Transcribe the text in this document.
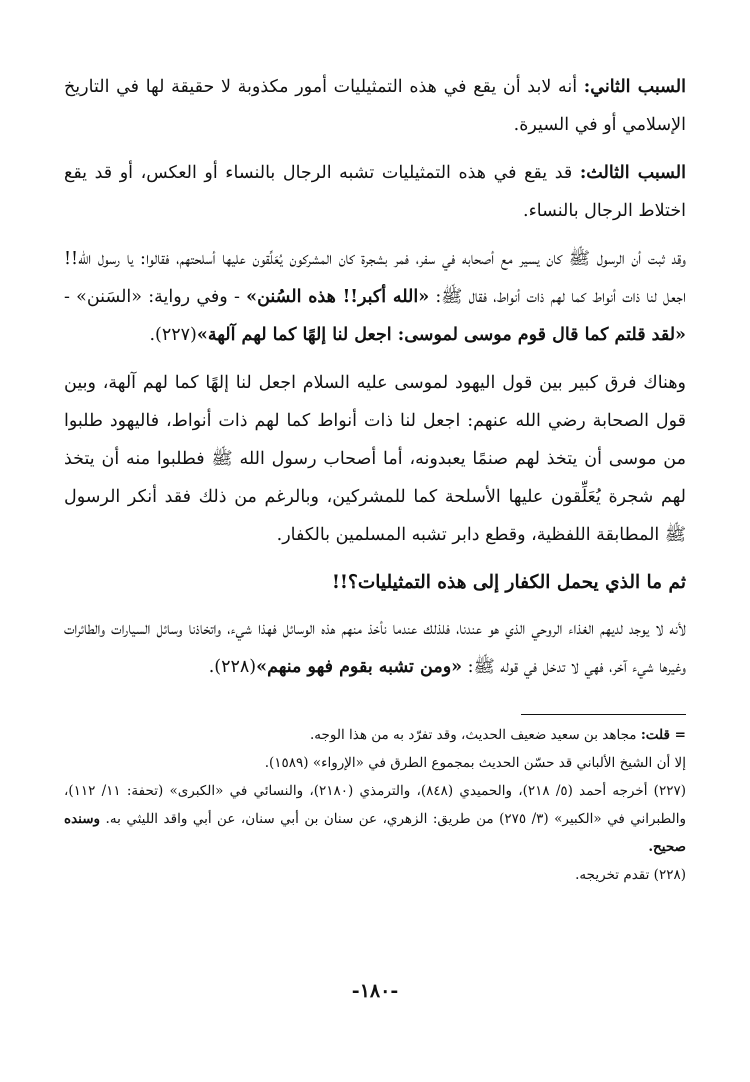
السبب الثاني: أنه لابد أن يقع في هذه التمثيليات أمور مكذوبة لا حقيقة لها في التاريخ الإسلامي أو في السيرة.

السبب الثالث: قد يقع في هذه التمثيليات تشبه الرجال بالنساء أو العكس، أو قد يقع اختلاط الرجال بالنساء.

وقد ثبت أن الرسول ﷺ كان يسير مع أصحابه في سفر، فمر بشجرة كان المشركون يُعَلِّقون عليها أسلحتهم، فقالوا: يا رسول الله!! اجعل لنا ذات أنواط كما لهم ذات أنواط، فقال ﷺ: «الله أكبر!! هذه السُنن» - وفي رواية: «السَنن» - «لقد قلتم كما قال قوم موسى لموسى: اجعل لنا إلهًا كما لهم آلهة»(٢٢٧).

وهناك فرق كبير بين قول اليهود لموسى عليه السلام اجعل لنا إلهًا كما لهم آلهة، وبين قول الصحابة رضي الله عنهم: اجعل لنا ذات أنواط كما لهم ذات أنواط، فاليهود طلبوا من موسى أن يتخذ لهم صنمًا يعبدونه، أما أصحاب رسول الله ﷺ فطلبوا منه أن يتخذ لهم شجرة يُعَلِّقون عليها الأسلحة كما للمشركين، وبالرغم من ذلك فقد أنكر الرسول ﷺ المطابقة اللفظية، وقطع دابر تشبه المسلمين بالكفار.

ثم ما الذي يحمل الكفار إلى هذه التمثيليات؟!!

لأنه لا يوجد لديهم الغذاء الروحي الذي هو عندنا، فلذلك عندما نأخذ منهم هذه الوسائل فهذا شيء، واتخاذنا وسائل السيارات والطائرات وغيرها شيء آخر، فهي لا تدخل في قوله ﷺ: «ومن تشبه بقوم فهو منهم»(٢٢٨).

= قلت: مجاهد بن سعيد ضعيف الحديث، وقد تفرّد به من هذا الوجه.

إلا أن الشيخ الألباني قد حسّن الحديث بمجموع الطرق في «الإرواء» (١٥٨٩).

(٢٢٧) أخرجه أحمد (٥/ ٢١٨)، والحميدي (٨٤٨)، والترمذي (٢١٨٠)، والنسائي في «الكبرى» (تحفة: ١١/ ١١٢)، والطبراني في «الكبير» (٣/ ٢٧٥) من طريق: الزهري، عن سنان بن أبي سنان، عن أبي واقد الليثي به. وسنده صحيح.

(٢٢٨) تقدم تخريجه.

-١٨٠-
